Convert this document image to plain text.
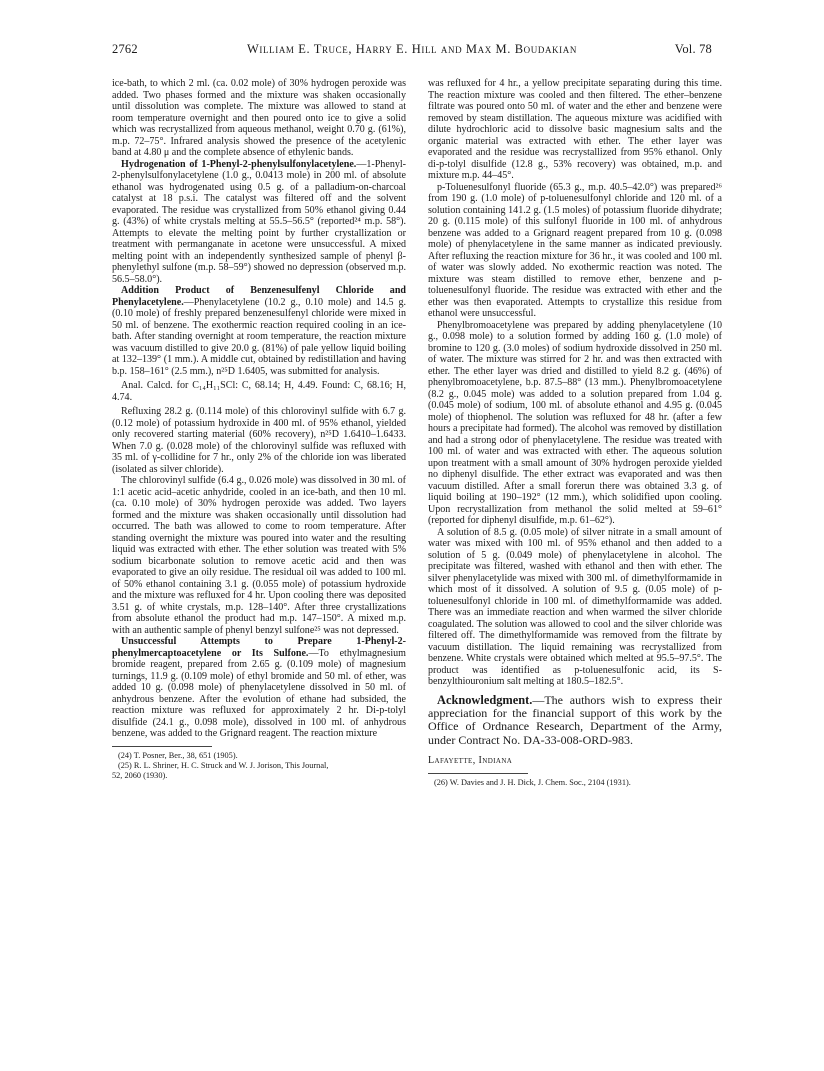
2762	William E. Truce, Harry E. Hill and Max M. Boudakian	Vol. 78

ice-bath, to which 2 ml. (ca. 0.02 mole) of 30% hydrogen peroxide was added. Two phases formed and the mixture was shaken occasionally until dissolution was complete. The mixture was allowed to stand at room temperature overnight and then poured onto ice to give a solid which was recrystallized from aqueous methanol, weight 0.70 g. (61%), m.p. 72–75°. Infrared analysis showed the presence of the acetylenic band at 4.80 μ and the complete absence of ethylenic bands.

Hydrogenation of 1-Phenyl-2-phenylsulfonylacetylene.—1-Phenyl-2-phenylsulfonylacetylene (1.0 g., 0.0413 mole) in 200 ml. of absolute ethanol was hydrogenated using 0.5 g. of a palladium-on-charcoal catalyst at 18 p.s.i. The catalyst was filtered off and the solvent evaporated. The residue was crystallized from 50% ethanol giving 0.44 g. (43%) of white crystals melting at 55.5–56.5° (reported²⁴ m.p. 58°). Attempts to elevate the melting point by further crystallization or treatment with permanganate in acetone were unsuccessful. A mixed melting point with an independently synthesized sample of phenyl β-phenylethyl sulfone (m.p. 58–59°) showed no depression (observed m.p. 56.5–58.0°).

Addition Product of Benzenesulfenyl Chloride and Phenylacetylene.—Phenylacetylene (10.2 g., 0.10 mole) and 14.5 g. (0.10 mole) of freshly prepared benzenesulfenyl chloride were mixed in 50 ml. of benzene. The exothermic reaction required cooling in an ice-bath. After standing overnight at room temperature, the reaction mixture was vacuum distilled to give 20.0 g. (81%) of pale yellow liquid boiling at 132–139° (1 mm.). A middle cut, obtained by redistillation and having b.p. 158–161° (2.5 mm.), n²⁵D 1.6405, was submitted for analysis.

Anal. Calcd. for C₁₄H₁₁SCl: C, 68.14; H, 4.49. Found: C, 68.16; H, 4.74.

Refluxing 28.2 g. (0.114 mole) of this chlorovinyl sulfide with 6.7 g. (0.12 mole) of potassium hydroxide in 400 ml. of 95% ethanol, yielded only recovered starting material (60% recovery), n²⁵D 1.6410–1.6433. When 7.0 g. (0.028 mole) of the chlorovinyl sulfide was refluxed with 35 ml. of γ-collidine for 7 hr., only 2% of the chloride ion was liberated (isolated as silver chloride).

The chlorovinyl sulfide (6.4 g., 0.026 mole) was dissolved in 30 ml. of 1:1 acetic acid–acetic anhydride, cooled in an ice-bath, and then 10 ml. (ca. 0.10 mole) of 30% hydrogen peroxide was added. Two layers formed and the mixture was shaken occasionally until dissolution had occurred. The bath was allowed to come to room temperature. After standing overnight the mixture was poured into water and the resulting liquid was extracted with ether. The ether solution was treated with 5% sodium bicarbonate solution to remove acetic acid and then was evaporated to give an oily residue. The residual oil was added to 100 ml. of 50% ethanol containing 3.1 g. (0.055 mole) of potassium hydroxide and the mixture was refluxed for 4 hr. Upon cooling there was deposited 3.51 g. of white crystals, m.p. 128–140°. After three crystallizations from absolute ethanol the product had m.p. 147–150°. A mixed m.p. with an authentic sample of phenyl benzyl sulfone²⁵ was not depressed.

Unsuccessful Attempts to Prepare 1-Phenyl-2-phenylmercaptoacetylene or Its Sulfone.—To ethylmagnesium bromide reagent, prepared from 2.65 g. (0.109 mole) of magnesium turnings, 11.9 g. (0.109 mole) of ethyl bromide and 50 ml. of ether, was added 10 g. (0.098 mole) of phenylacetylene dissolved in 50 ml. of anhydrous benzene. After the evolution of ethane had subsided, the reaction mixture was refluxed for approximately 2 hr. Di-p-tolyl disulfide (24.1 g., 0.098 mole), dissolved in 100 ml. of anhydrous benzene, was added to the Grignard reagent. The reaction mixture

(24) T. Posner, Ber., 38, 651 (1905).

(25) R. L. Shriner, H. C. Struck and W. J. Jorison, This Journal,

52, 2060 (1930).

was refluxed for 4 hr., a yellow precipitate separating during this time. The reaction mixture was cooled and then filtered. The ether–benzene filtrate was poured onto 50 ml. of water and the ether and benzene were removed by steam distillation. The aqueous mixture was acidified with dilute hydrochloric acid to dissolve basic magnesium salts and the organic material was extracted with ether. The ether layer was evaporated and the residue was recrystallized from 95% ethanol. Only di-p-tolyl disulfide (12.8 g., 53% recovery) was obtained, m.p. and mixture m.p. 44–45°.

p-Toluenesulfonyl fluoride (65.3 g., m.p. 40.5–42.0°) was prepared²⁶ from 190 g. (1.0 mole) of p-toluenesulfonyl chloride and 120 ml. of a solution containing 141.2 g. (1.5 moles) of potassium fluoride dihydrate; 20 g. (0.115 mole) of this sulfonyl fluoride in 100 ml. of anhydrous benzene was added to a Grignard reagent prepared from 10 g. (0.098 mole) of phenylacetylene in the same manner as indicated previously. After refluxing the reaction mixture for 36 hr., it was cooled and 100 ml. of water was slowly added. No exothermic reaction was noted. The mixture was steam distilled to remove ether, benzene and p-toluenesulfonyl fluoride. The residue was extracted with ether and the ether was then evaporated. Attempts to crystallize this residue from ethanol were unsuccessful.

Phenylbromoacetylene was prepared by adding phenylacetylene (10 g., 0.098 mole) to a solution formed by adding 160 g. (1.0 mole) of bromine to 120 g. (3.0 moles) of sodium hydroxide dissolved in 250 ml. of water. The mixture was stirred for 2 hr. and was then extracted with ether. The ether layer was dried and distilled to yield 8.2 g. (46%) of phenylbromoacetylene, b.p. 87.5–88° (13 mm.). Phenylbromoacetylene (8.2 g., 0.045 mole) was added to a solution prepared from 1.04 g. (0.045 mole) of sodium, 100 ml. of absolute ethanol and 4.95 g. (0.045 mole) of thiophenol. The solution was refluxed for 48 hr. (after a few hours a precipitate had formed). The alcohol was removed by distillation and had a strong odor of phenylacetylene. The residue was treated with 100 ml. of water and was extracted with ether. The aqueous solution upon treatment with a small amount of 30% hydrogen peroxide yielded no diphenyl disulfide. The ether extract was evaporated and was then vacuum distilled. After a small forerun there was obtained 3.3 g. of liquid boiling at 190–192° (12 mm.), which solidified upon cooling. Upon recrystallization from methanol the solid melted at 59–61° (reported for diphenyl disulfide, m.p. 61–62°).

A solution of 8.5 g. (0.05 mole) of silver nitrate in a small amount of water was mixed with 100 ml. of 95% ethanol and then added to a solution of 5 g. (0.049 mole) of phenylacetylene in alcohol. The precipitate was filtered, washed with ethanol and then with ether. The silver phenylacetylide was mixed with 300 ml. of dimethylformamide in which most of it dissolved. A solution of 9.5 g. (0.05 mole) of p-toluenesulfonyl chloride in 100 ml. of dimethylformamide was added. There was an immediate reaction and when warmed the silver chloride coagulated. The solution was allowed to cool and the silver chloride was filtered off. The dimethylformamide was removed from the filtrate by vacuum distillation. The liquid remaining was recrystallized from benzene. White crystals were obtained which melted at 95.5–97.5°. The product was identified as p-toluenesulfonic acid, its S-benzylthiouronium salt melting at 180.5–182.5°.

Acknowledgment.—The authors wish to express their appreciation for the financial support of this work by the Office of Ordnance Research, Department of the Army, under Contract No. DA-33-008-ORD-983.

Lafayette, Indiana

(26) W. Davies and J. H. Dick, J. Chem. Soc., 2104 (1931).
